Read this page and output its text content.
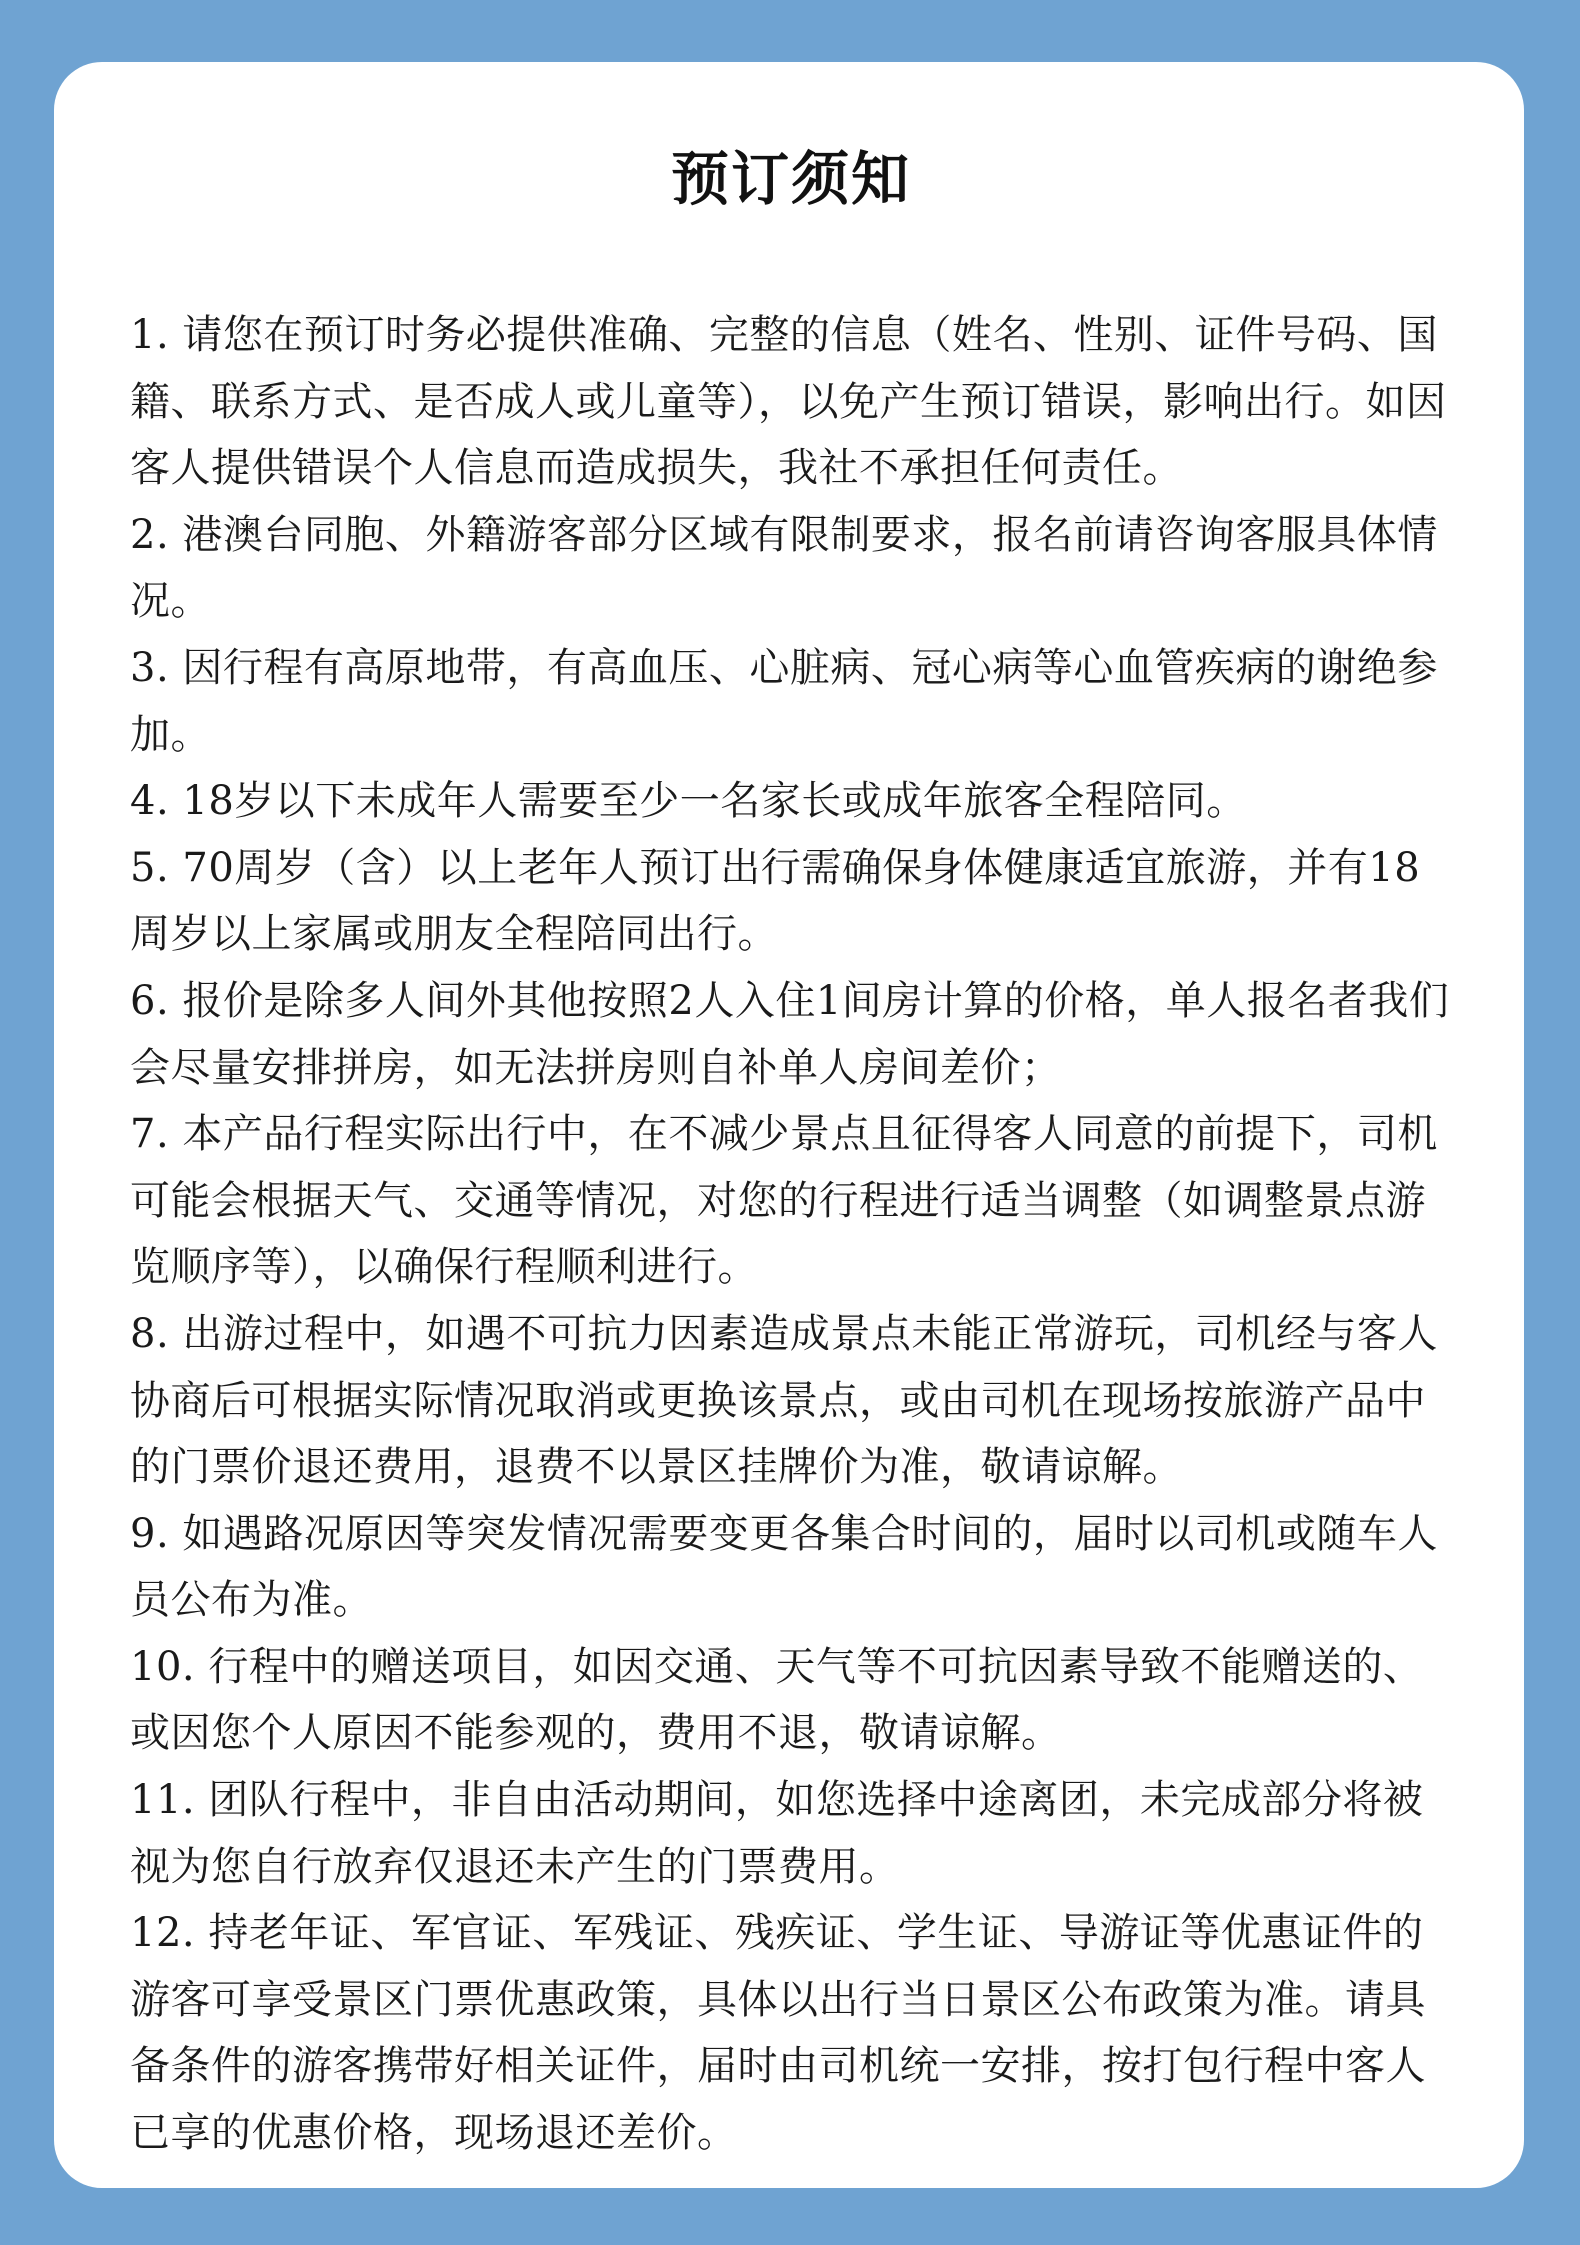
预订须知

1. 请您在预订时务必提供准确、完整的信息（姓名、性别、证件号码、国籍、联系方式、是否成人或儿童等），以免产生预订错误，影响出行。如因客人提供错误个人信息而造成损失，我社不承担任何责任。

2. 港澳台同胞、外籍游客部分区域有限制要求，报名前请咨询客服具体情况。

3. 因行程有高原地带，有高血压、心脏病、冠心病等心血管疾病的谢绝参加。

4. 18岁以下未成年人需要至少一名家长或成年旅客全程陪同。

5. 70周岁（含）以上老年人预订出行需确保身体健康适宜旅游，并有18周岁以上家属或朋友全程陪同出行。

6. 报价是除多人间外其他按照2人入住1间房计算的价格，单人报名者我们会尽量安排拼房，如无法拼房则自补单人房间差价；

7. 本产品行程实际出行中，在不减少景点且征得客人同意的前提下，司机可能会根据天气、交通等情况，对您的行程进行适当调整（如调整景点游览顺序等），以确保行程顺利进行。

8. 出游过程中，如遇不可抗力因素造成景点未能正常游玩，司机经与客人协商后可根据实际情况取消或更换该景点，或由司机在现场按旅游产品中的门票价退还费用，退费不以景区挂牌价为准，敬请谅解。

9. 如遇路况原因等突发情况需要变更各集合时间的，届时以司机或随车人员公布为准。

10. 行程中的赠送项目，如因交通、天气等不可抗因素导致不能赠送的、或因您个人原因不能参观的，费用不退，敬请谅解。

11. 团队行程中，非自由活动期间，如您选择中途离团，未完成部分将被视为您自行放弃仅退还未产生的门票费用。

12. 持老年证、军官证、军残证、残疾证、学生证、导游证等优惠证件的游客可享受景区门票优惠政策，具体以出行当日景区公布政策为准。请具备条件的游客携带好相关证件，届时由司机统一安排，按打包行程中客人已享的优惠价格，现场退还差价。
